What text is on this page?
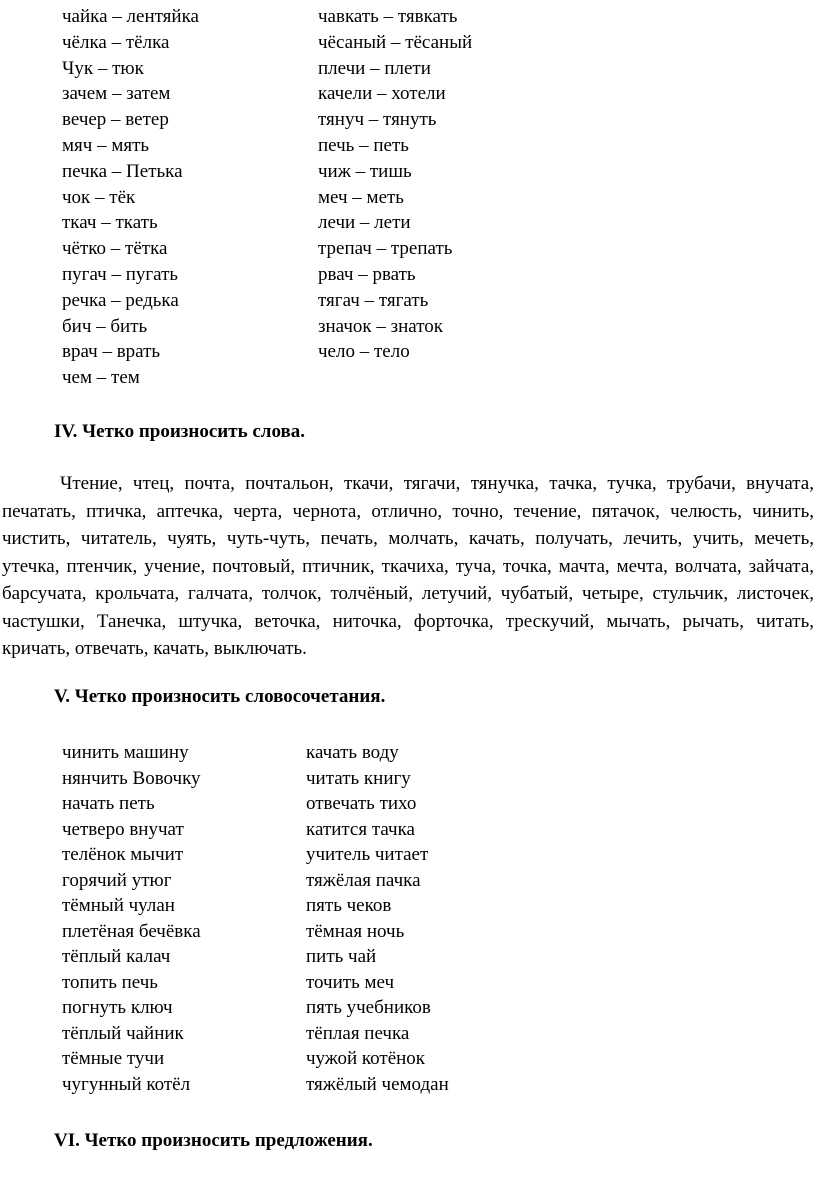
чайка – лентяйка	чавкать – тявкать
чёлка – тёлка	чёсаный – тёсаный
Чук – тюк	плечи – плети
зачем – затем	качели – хотели
вечер – ветер	тянуч – тянуть
мяч – мять	печь – петь
печка – Петька	чиж – тишь
чок – тёк	меч – меть
ткач – ткать	лечи – лети
чётко – тётка	трепач – трепать
пугач – пугать	рвач – рвать
речка – редька	тягач – тягать
бич – бить	значок – знаток
врач – врать	чело – тело
чем – тем
IV. Четко произносить слова.
Чтение, чтец, почта, почтальон, ткачи, тягачи, тянучка, тачка, тучка, трубачи, внучата, печатать, птичка, аптечка, черта, чернота, отлично, точно, течение, пятачок, челюсть, чинить, чистить, читатель, чуять, чуть-чуть, печать, молчать, качать, получать, лечить, учить, мечеть, утечка, птенчик, учение, почтовый, птичник, ткачиха, туча, точка, мачта, мечта, волчата, зайчата, барсучата, крольчата, галчата, толчок, толчёный, летучий, чубатый, четыре, стульчик, листочек, частушки, Танечка, штучка, веточка, ниточка, форточка, трескучий, мычать, рычать, читать, кричать, отвечать, качать, выключать.
V. Четко произносить словосочетания.
чинить машину	качать воду
нянчить Вовочку	читать книгу
начать петь	отвечать тихо
четверо внучат	катится тачка
телёнок мычит	учитель читает
горячий утюг	тяжёлая пачка
тёмный чулан	пять чеков
плетёная бечёвка	тёмная ночь
тёплый калач	пить чай
топить печь	точить меч
погнуть ключ	пять учебников
тёплый чайник	тёплая печка
тёмные тучи	чужой котёнок
чугунный котёл	тяжёлый чемодан
VI. Четко произносить предложения.
